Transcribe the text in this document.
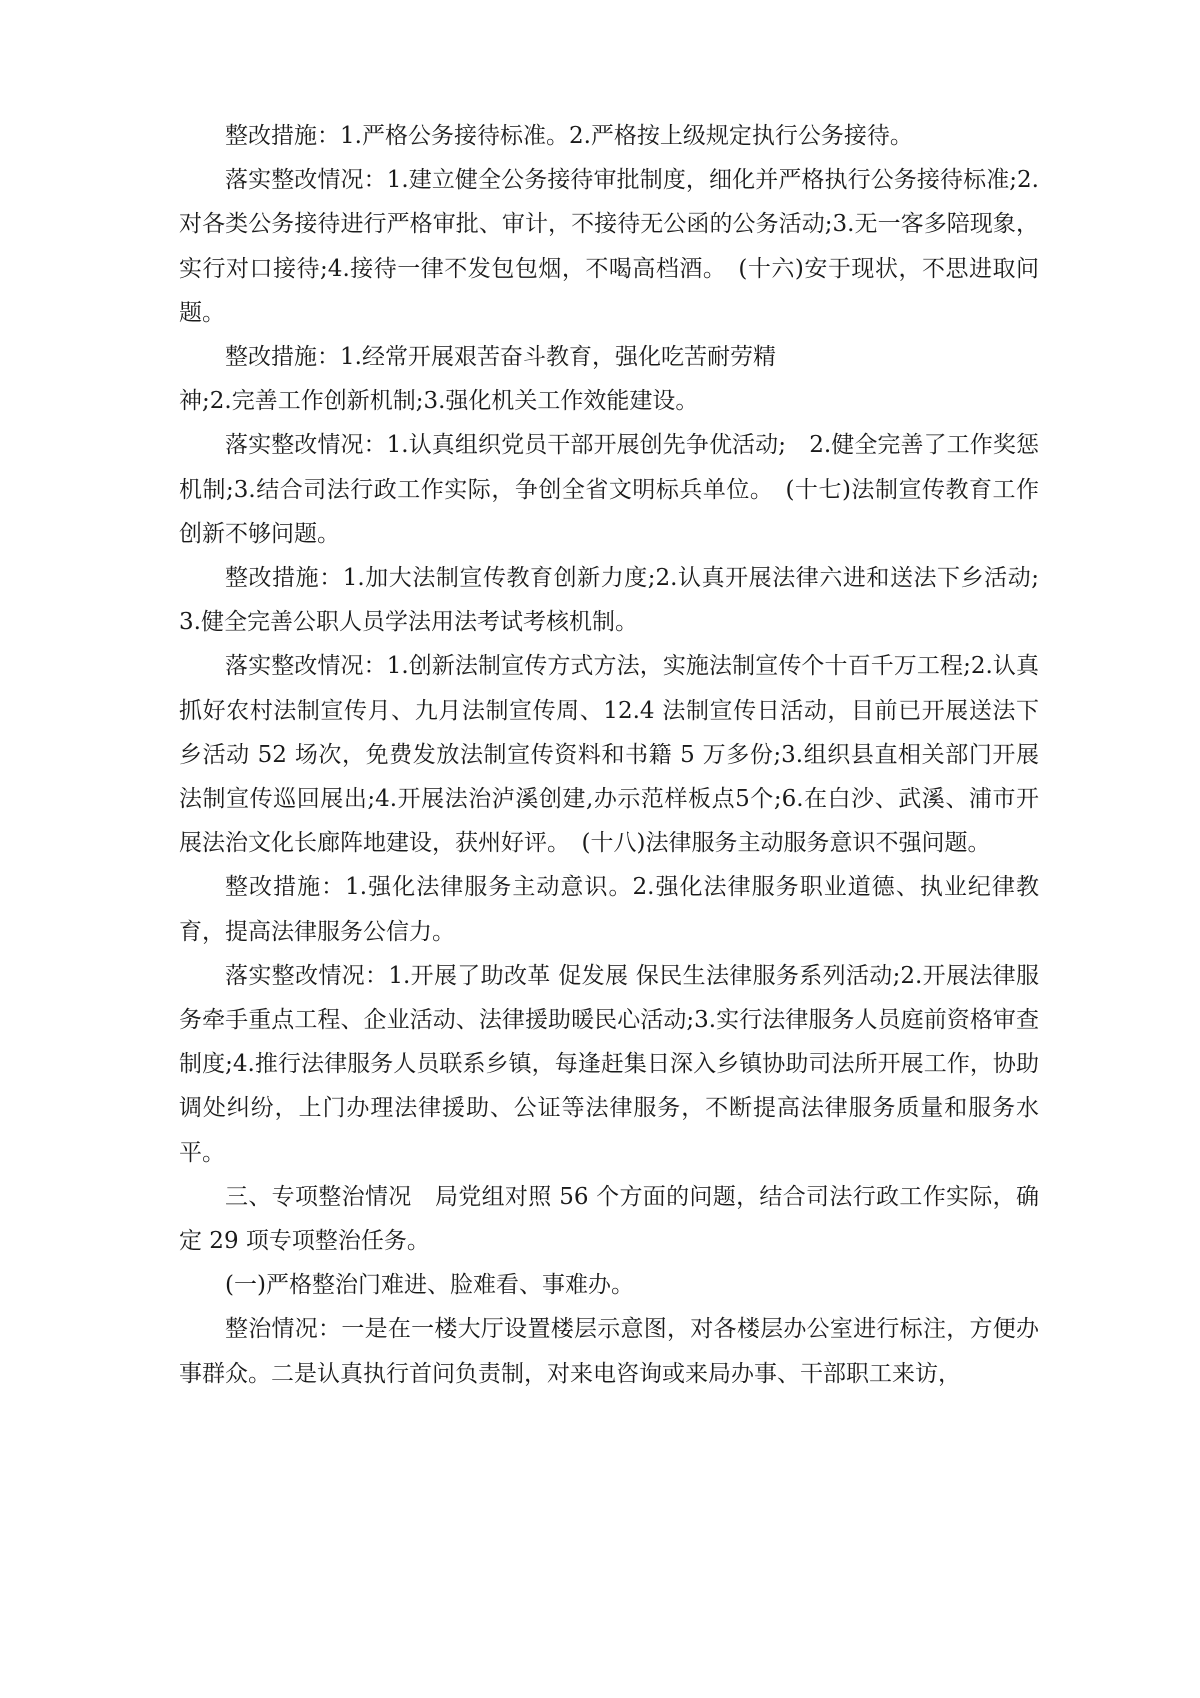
整改措施：1.严格公务接待标准。2.严格按上级规定执行公务接待。

落实整改情况：1.建立健全公务接待审批制度，细化并严格执行公务接待标准;2.对各类公务接待进行严格审批、审计，不接待无公函的公务活动;3.无一客多陪现象，实行对口接待;4.接待一律不发包包烟，不喝高档酒。　(十六)安于现状，不思进取问题。

整改措施：1.经常开展艰苦奋斗教育，强化吃苦耐劳精

神;2.完善工作创新机制;3.强化机关工作效能建设。

落实整改情况：1.认真组织党员干部开展创先争优活动;　2.健全完善了工作奖惩机制;3.结合司法行政工作实际，争创全省文明标兵单位。　(十七)法制宣传教育工作创新不够问题。

整改措施：1.加大法制宣传教育创新力度;2.认真开展法律六进和送法下乡活动;3.健全完善公职人员学法用法考试考核机制。

落实整改情况：1.创新法制宣传方式方法，实施法制宣传个十百千万工程;2.认真抓好农村法制宣传月、九月法制宣传周、12.4 法制宣传日活动，目前已开展送法下乡活动 52 场次，免费发放法制宣传资料和书籍 5 万多份;3.组织县直相关部门开展法制宣传巡回展出;4.开展法治泸溪创建,办示范样板点5个;6.在白沙、武溪、浦市开展法治文化长廊阵地建设，获州好评。　(十八)法律服务主动服务意识不强问题。

整改措施：1.强化法律服务主动意识。2.强化法律服务职业道德、执业纪律教育，提高法律服务公信力。

落实整改情况：1.开展了助改革 促发展 保民生法律服务系列活动;2.开展法律服务牵手重点工程、企业活动、法律援助暖民心活动;3.实行法律服务人员庭前资格审查制度;4.推行法律服务人员联系乡镇，每逢赶集日深入乡镇协助司法所开展工作，协助调处纠纷，上门办理法律援助、公证等法律服务，不断提高法律服务质量和服务水平。

三、专项整治情况　局党组对照 56 个方面的问题，结合司法行政工作实际，确定 29 项专项整治任务。

(一)严格整治门难进、脸难看、事难办。

整治情况：一是在一楼大厅设置楼层示意图，对各楼层办公室进行标注，方便办事群众。二是认真执行首问负责制，对来电咨询或来局办事、干部职工来访，
